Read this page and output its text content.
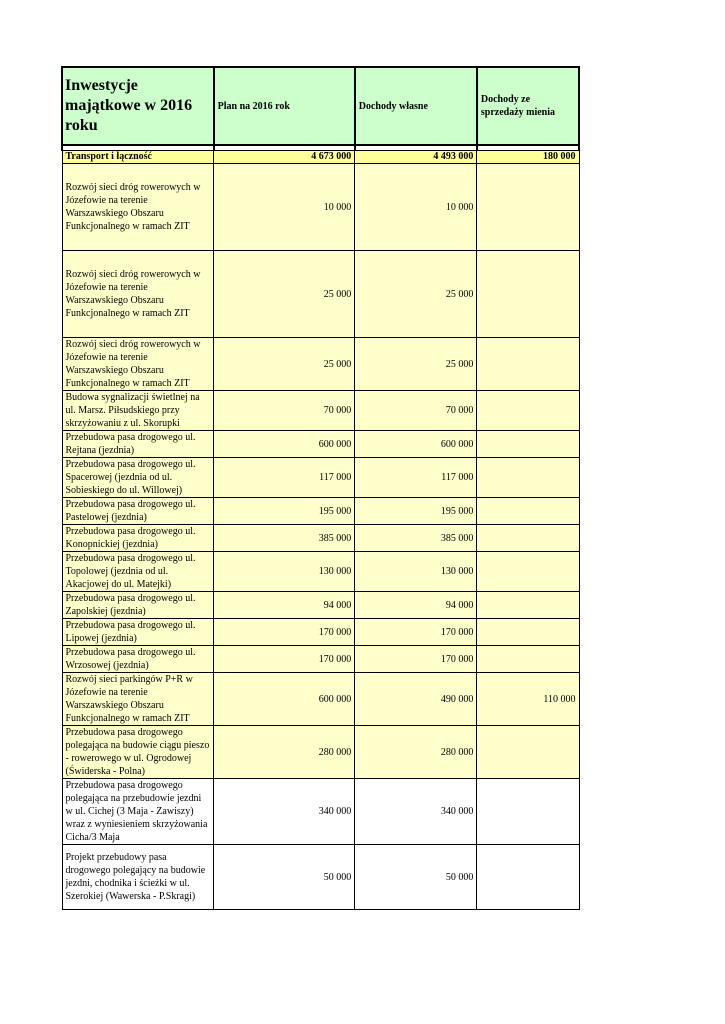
Inwestycje majątkowe w 2016 roku	Plan na 2016 rok	Dochody własne	Dochody ze sprzedaży mienia

Transport i łączność	4 673 000	4 493 000	180 000
Rozwój sieci dróg rowerowych w Józefowie na terenie Warszawskiego Obszaru Funkcjonalnego w ramach ZIT	10 000	10 000	
Rozwój sieci dróg rowerowych w Józefowie na terenie Warszawskiego Obszaru Funkcjonalnego w ramach ZIT	25 000	25 000	
Rozwój sieci dróg rowerowych w Józefowie na terenie Warszawskiego Obszaru Funkcjonalnego w ramach ZIT	25 000	25 000	
Budowa sygnalizacji świetlnej na ul. Marsz. Piłsudskiego przy skrzyżowaniu z ul. Skorupki	70 000	70 000	
Przebudowa pasa drogowego ul. Rejtana (jezdnia)	600 000	600 000	
Przebudowa pasa drogowego ul. Spacerowej (jezdnia od ul. Sobieskiego do ul. Willowej)	117 000	117 000	
Przebudowa pasa drogowego ul. Pastelowej (jezdnia)	195 000	195 000	
Przebudowa pasa drogowego ul. Konopnickiej (jezdnia)	385 000	385 000	
Przebudowa pasa drogowego ul. Topolowej (jezdnia od ul. Akacjowej do ul. Matejki)	130 000	130 000	
Przebudowa pasa drogowego ul. Zapolskiej (jezdnia)	94 000	94 000	
Przebudowa pasa drogowego ul. Lipowej (jezdnia)	170 000	170 000	
Przebudowa pasa drogowego ul. Wrzosowej (jezdnia)	170 000	170 000	
Rozwój sieci parkingów P+R w Józefowie na terenie Warszawskiego Obszaru Funkcjonalnego w ramach ZIT	600 000	490 000	110 000
Przebudowa pasa drogowego polegająca na budowie ciągu pieszo - rowerowego w ul. Ogrodowej (Świderska - Polna)	280 000	280 000	
Przebudowa pasa drogowego polegająca na przebudowie jezdni w ul. Cichej (3 Maja - Zawiszy) wraz z wyniesieniem skrzyżowania Cicha/3 Maja	340 000	340 000	
Projekt przebudowy pasa drogowego polegający na budowie jezdni, chodnika i ścieżki w ul. Szerokiej (Wawerska - P.Skragi)	50 000	50 000	
